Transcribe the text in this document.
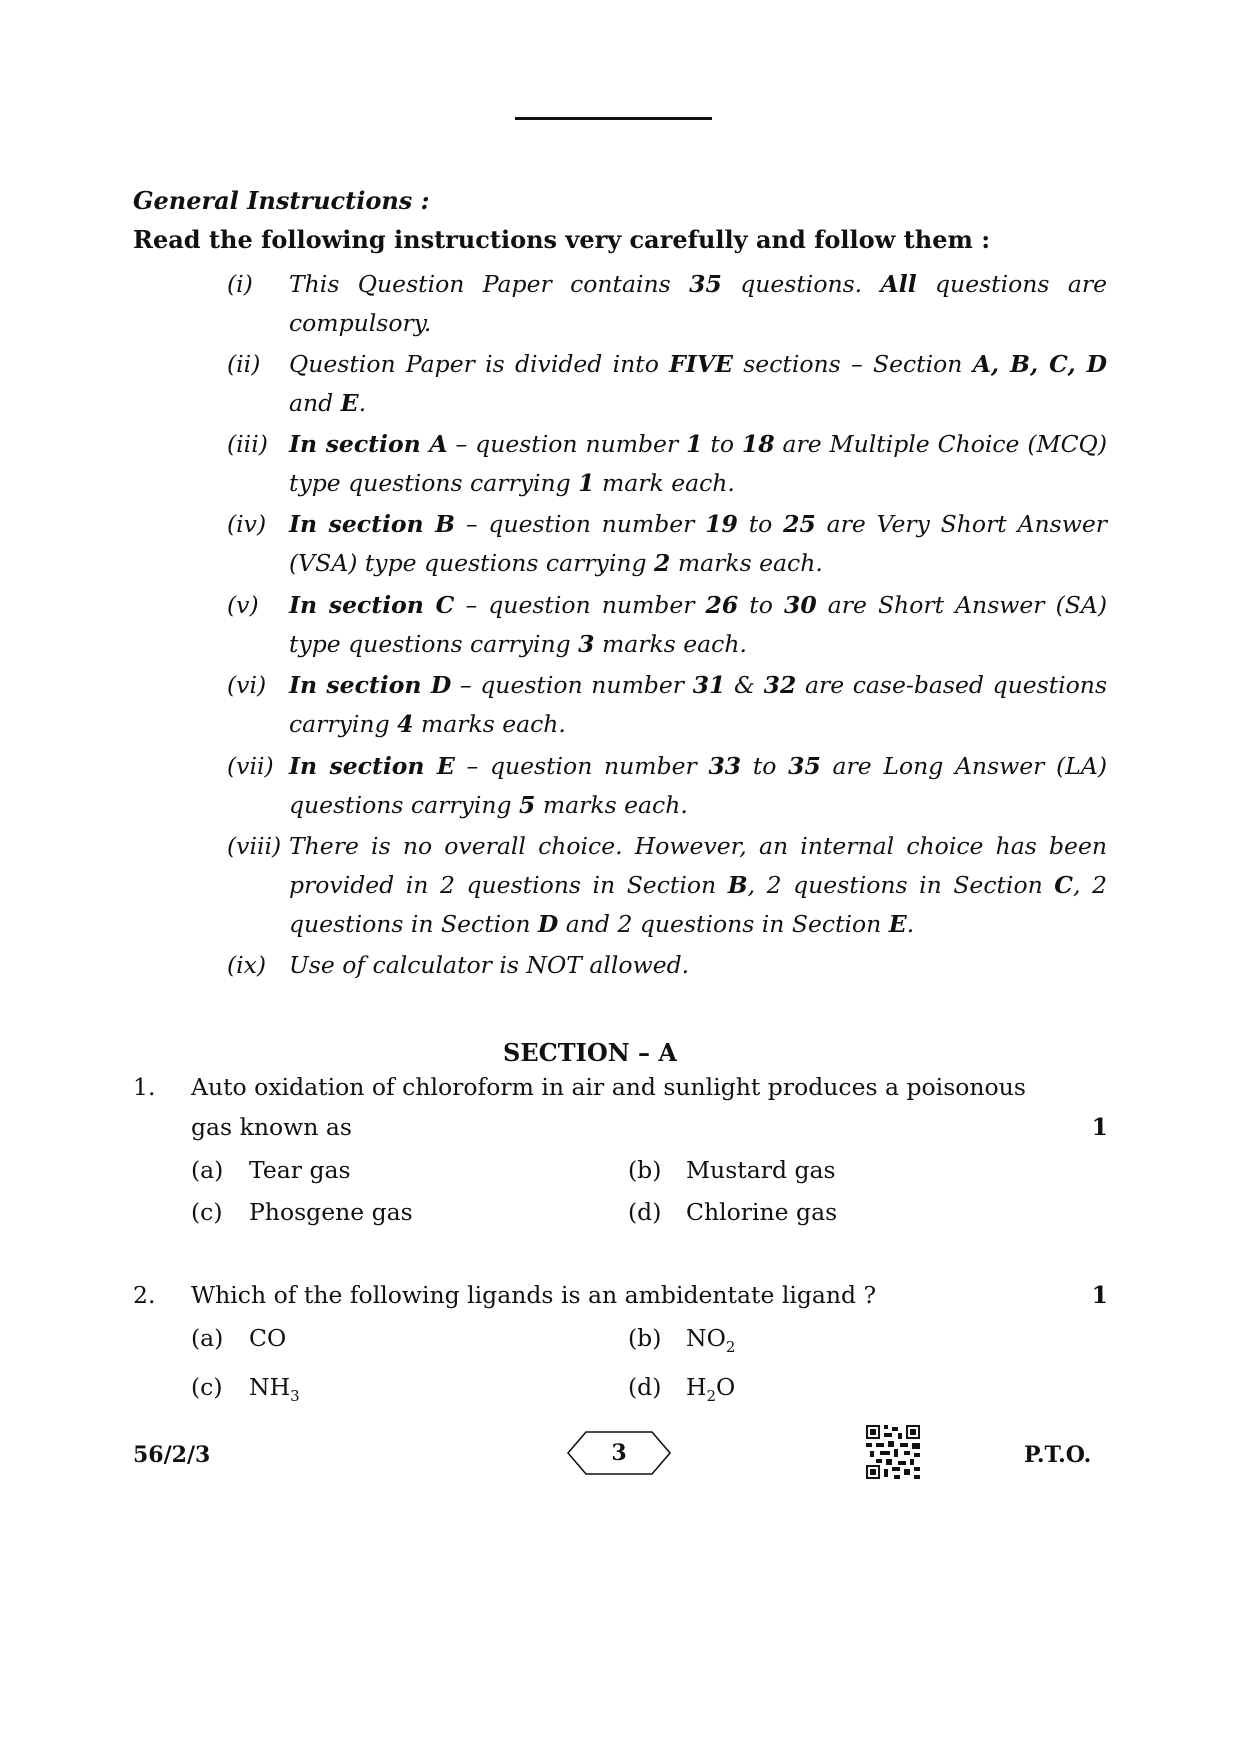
General Instructions :
Read the following instructions very carefully and follow them :
(i) This Question Paper contains 35 questions. All questions are compulsory.
(ii) Question Paper is divided into FIVE sections – Section A, B, C, D and E.
(iii) In section A – question number 1 to 18 are Multiple Choice (MCQ) type questions carrying 1 mark each.
(iv) In section B – question number 19 to 25 are Very Short Answer (VSA) type questions carrying 2 marks each.
(v) In section C – question number 26 to 30 are Short Answer (SA) type questions carrying 3 marks each.
(vi) In section D – question number 31 & 32 are case-based questions carrying 4 marks each.
(vii) In section E – question number 33 to 35 are Long Answer (LA) questions carrying 5 marks each.
(viii) There is no overall choice. However, an internal choice has been provided in 2 questions in Section B, 2 questions in Section C, 2 questions in Section D and 2 questions in Section E.
(ix) Use of calculator is NOT allowed.
SECTION – A
1. Auto oxidation of chloroform in air and sunlight produces a poisonous gas known as	1
(a) Tear gas	(b) Mustard gas
(c) Phosgene gas	(d) Chlorine gas
2. Which of the following ligands is an ambidentate ligand ?	1
(a) CO	(b) $NO_2$
(c) $NH_3$	(d) $H_2O$
56/2/3	3	P.T.O.
